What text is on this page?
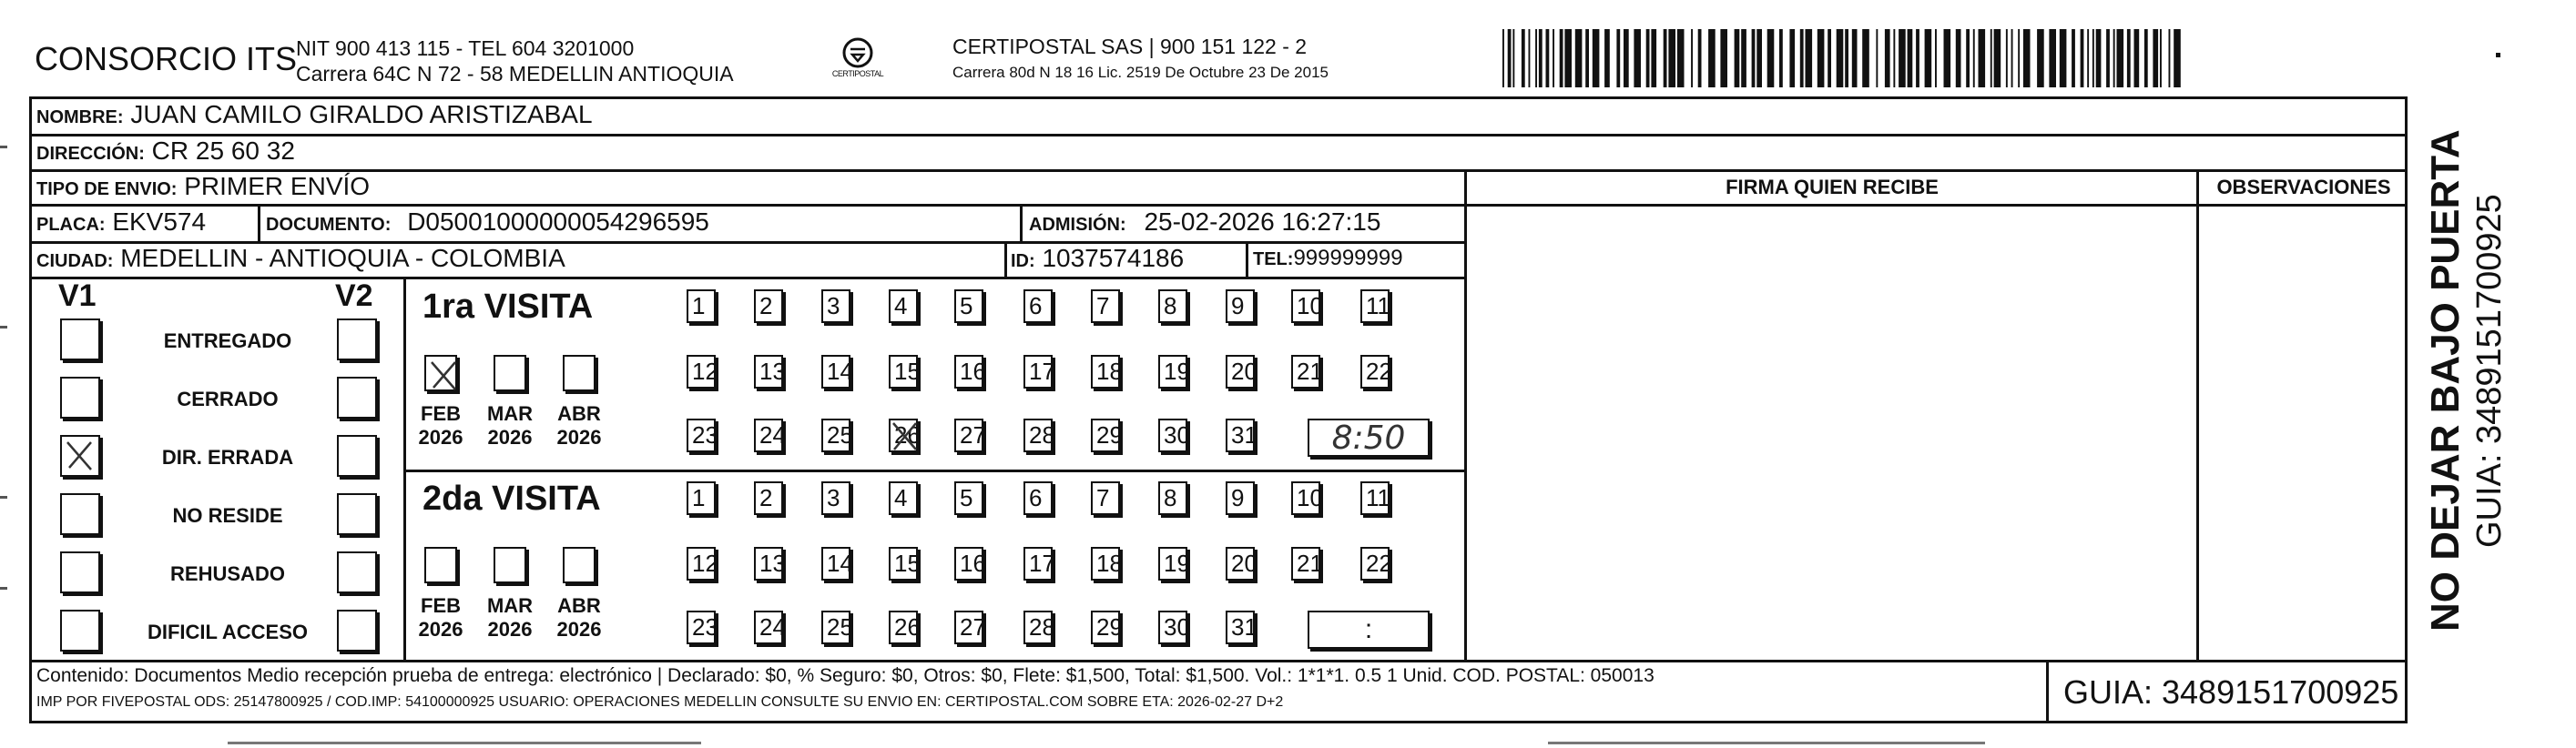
CONSORCIO ITS
NIT 900 413 115 - TEL 604 3201000
Carrera 64C N 72 - 58 MEDELLIN ANTIOQUIA	CERTIPOSTAL
CERTIPOSTAL SAS | 900 151 122 - 2
Carrera 80d N 18 16 Lic. 2519 De Octubre 23 De 2015
NOMBRE: JUAN CAMILO GIRALDO ARISTIZABAL
DIRECCIÓN: CR 25 60 32
TIPO DE ENVIO: PRIMER ENVÍO
PLACA: EKV574	DOCUMENTO: D05001000000054296595	ADMISIÓN: 25-02-2026 16:27:15
CIUDAD: MEDELLIN - ANTIOQUIA - COLOMBIA	ID: 1037574186	TEL:999999999
FIRMA QUIEN RECIBE	OBSERVACIONES
V1	V2
Contenido: Documentos Medio recepción prueba de entrega: electrónico | Declarado: $0, % Seguro: $0, Otros: $0, Flete: $1,500, Total: $1,500. Vol.: 1*1*1. 0.5 1 Unid. COD. POSTAL: 050013
IMP POR FIVEPOSTAL ODS: 25147800925 / COD.IMP: 54100000925 USUARIO: OPERACIONES MEDELLIN CONSULTE SU ENVIO EN: CERTIPOSTAL.COM SOBRE ETA: 2026-02-27 D+2	GUIA: 3489151700925
NO DEJAR BAJO PUERTA GUIA: 3489151700925
ENTREGADO
CERRADO
DIR. ERRADA
NO RESIDE
REHUSADO
DIFICIL ACCESO
1ra VISITA
FEB
2026
MAR
2026
ABR
2026
1	2	3	4	5	6	7	8	9	10 11
12 13 14 15 16 17 18 19 20 21 22
23 24 25 26 27 28 29 30 31	8:50
2da VISITA
FEB
2026
MAR
2026
ABR
2026
1	2	3	4	5	6	7	8	9	10 11
12 13 14 15 16 17 18 19 20 21 22
23 24 25 26 27 28 29 30 31	:
